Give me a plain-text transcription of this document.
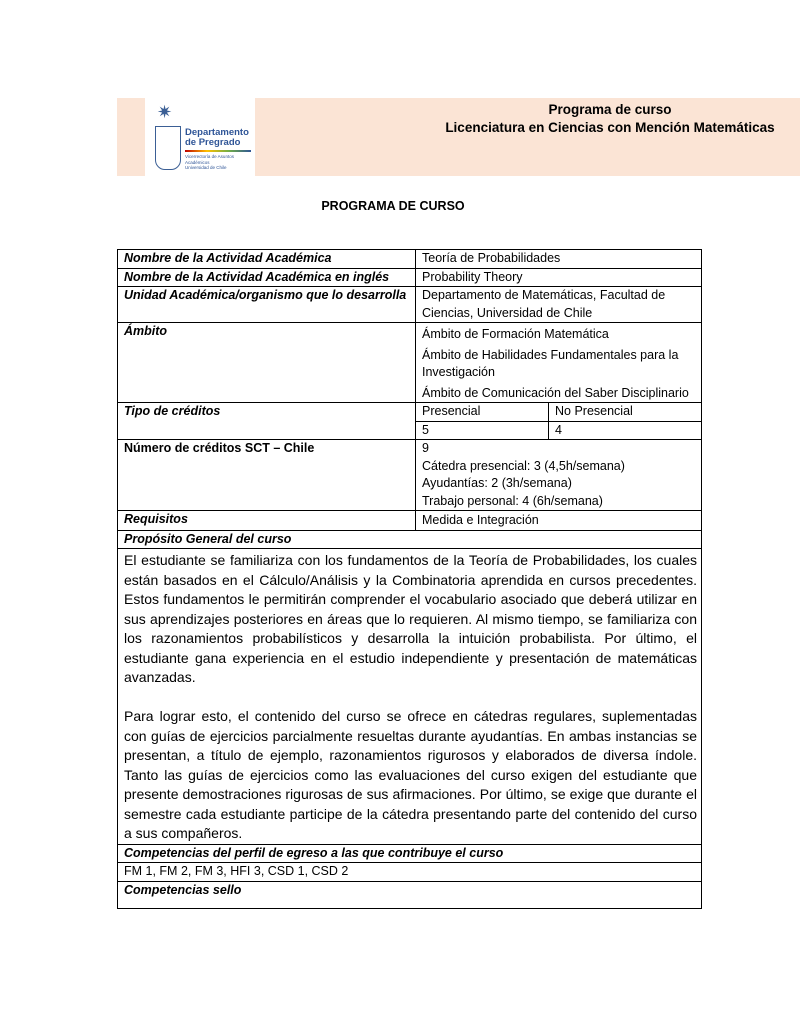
✷
Departamento
de Pregrado
Vicerrectoría de Asuntos Académicos
Universidad de Chile
Programa de curso
Licenciatura en Ciencias con Mención Matemáticas
PROGRAMA DE CURSO
Nombre de la Actividad Académica	Teoría de Probabilidades
Nombre de la Actividad Académica en inglés	Probability Theory
Unidad Académica/organismo que lo desarrolla	Departamento de Matemáticas, Facultad de Ciencias, Universidad de Chile
Ámbito	Ámbito de Formación Matemática
Ámbito de Habilidades Fundamentales para la Investigación
Ámbito de Comunicación del Saber Disciplinario

Tipo de créditos		Presencial	No Presencial
5	4

Número de créditos SCT – Chile	9
Cátedra presencial: 3 (4,5h/semana)
Ayudantías: 2 (3h/semana)
Trabajo personal: 4 (6h/semana)

Requisitos	Medida e Integración
Propósito General del curso

El estudiante se familiariza con los fundamentos de la Teoría de Probabilidades, los cuales están basados en el Cálculo/Análisis y la Combinatoria aprendida en cursos precedentes. Estos fundamentos le permitirán comprender el vocabulario asociado que deberá utilizar en sus aprendizajes posteriores en áreas que lo requieren. Al mismo tiempo, se familiariza con los razonamientos probabilísticos y desarrolla la intuición probabilista. Por último, el estudiante gana experiencia en el estudio independiente y presentación de matemáticas avanzadas.

Para lograr esto, el contenido del curso se ofrece en cátedras regulares, suplementadas con guías de ejercicios parcialmente resueltas durante ayudantías. En ambas instancias se presentan, a título de ejemplo, razonamientos rigurosos y elaborados de diversa índole. Tanto las guías de ejercicios como las evaluaciones del curso exigen del estudiante que presente demostraciones rigurosas de sus afirmaciones. Por último, se exige que durante el semestre cada estudiante participe de la cátedra presentando parte del contenido del curso a sus compañeros.

Competencias del perfil de egreso a las que contribuye el curso
FM 1, FM 2, FM 3, HFI 3, CSD 1, CSD 2
Competencias sello
